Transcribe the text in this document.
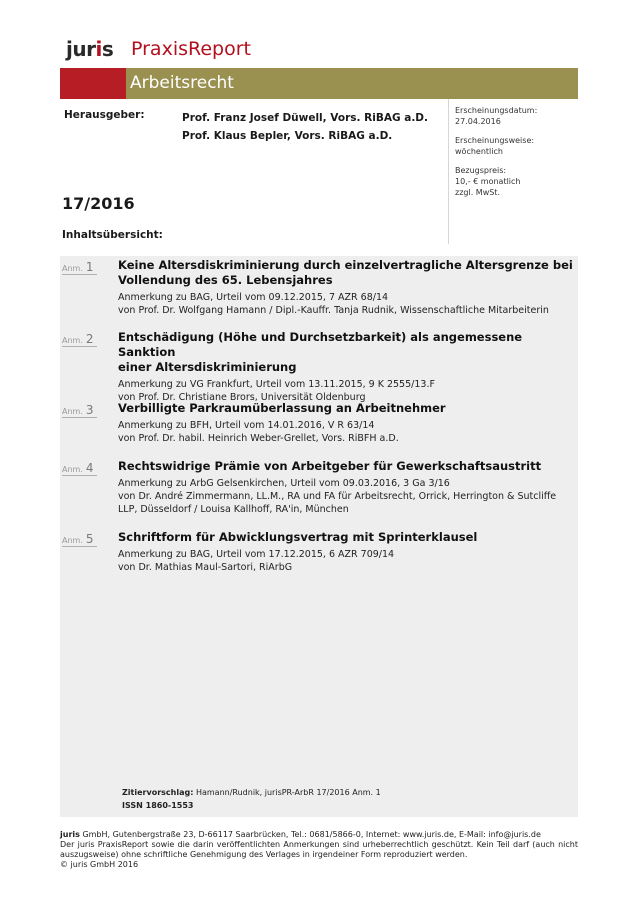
juris PraxisReport
Arbeitsrecht
Herausgeber:	Prof. Franz Josef Düwell, Vors. RiBAG a.D.
Prof. Klaus Bepler, Vors. RiBAG a.D.
17/2016
Erscheinungsdatum:
27.04.2016
Erscheinungsweise:
wöchentlich
Bezugspreis:
10,- € monatlich
zzgl. MwSt.
Inhaltsübersicht:
Anm. 1	Keine Altersdiskriminierung durch einzelvertragliche Altersgrenze bei
Vollendung des 65. Lebensjahres
Anmerkung zu BAG, Urteil vom 09.12.2015, 7 AZR 68/14
von Prof. Dr. Wolfgang Hamann / Dipl.-Kauffr. Tanja Rudnik, Wissenschaftliche Mitarbeiterin
Anm. 2	Entschädigung (Höhe und Durchsetzbarkeit) als angemessene Sanktion
einer Altersdiskriminierung
Anmerkung zu VG Frankfurt, Urteil vom 13.11.2015, 9 K 2555/13.F
von Prof. Dr. Christiane Brors, Universität Oldenburg
Anm. 3	Verbilligte Parkraumüberlassung an Arbeitnehmer
Anmerkung zu BFH, Urteil vom 14.01.2016, V R 63/14
von Prof. Dr. habil. Heinrich Weber-Grellet, Vors. RiBFH a.D.
Anm. 4	Rechtswidrige Prämie von Arbeitgeber für Gewerkschaftsaustritt
Anmerkung zu ArbG Gelsenkirchen, Urteil vom 09.03.2016, 3 Ga 3/16
von Dr. André Zimmermann, LL.M., RA und FA für Arbeitsrecht, Orrick, Herrington & Sutcliffe
LLP, Düsseldorf / Louisa Kallhoff, RA'in, München
Anm. 5	Schriftform für Abwicklungsvertrag mit Sprinterklausel
Anmerkung zu BAG, Urteil vom 17.12.2015, 6 AZR 709/14
von Dr. Mathias Maul-Sartori, RiArbG
Zitiervorschlag: Hamann/Rudnik, jurisPR-ArbR 17/2016 Anm. 1
ISSN 1860-1553
juris GmbH, Gutenbergstraße 23, D-66117 Saarbrücken, Tel.: 0681/5866-0, Internet: www.juris.de, E-Mail: info@juris.de
Der juris PraxisReport sowie die darin veröffentlichten Anmerkungen sind urheberrechtlich geschützt. Kein Teil darf (auch nicht auszugsweise) ohne schriftliche Genehmigung des Verlages in irgendeiner Form reproduziert werden.
© juris GmbH 2016
